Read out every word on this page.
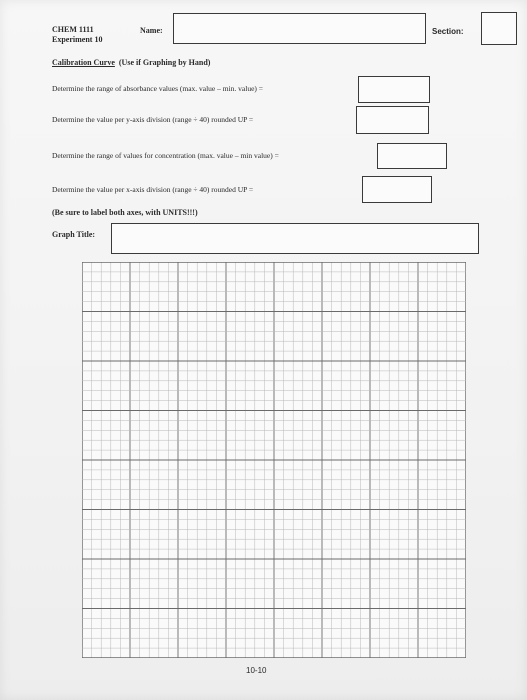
CHEM 1111
Experiment 10
Name:	Section:
Calibration Curve (Use if Graphing by Hand)
Determine the range of absorbance values (max. value – min. value) =
Determine the value per y-axis division (range ÷ 40) rounded UP =
Determine the range of values for concentration (max. value – min value) =
Determine the value per x-axis division (range ÷ 40) rounded UP =
(Be sure to label both axes, with UNITS!!!)
Graph Title:
10-10
